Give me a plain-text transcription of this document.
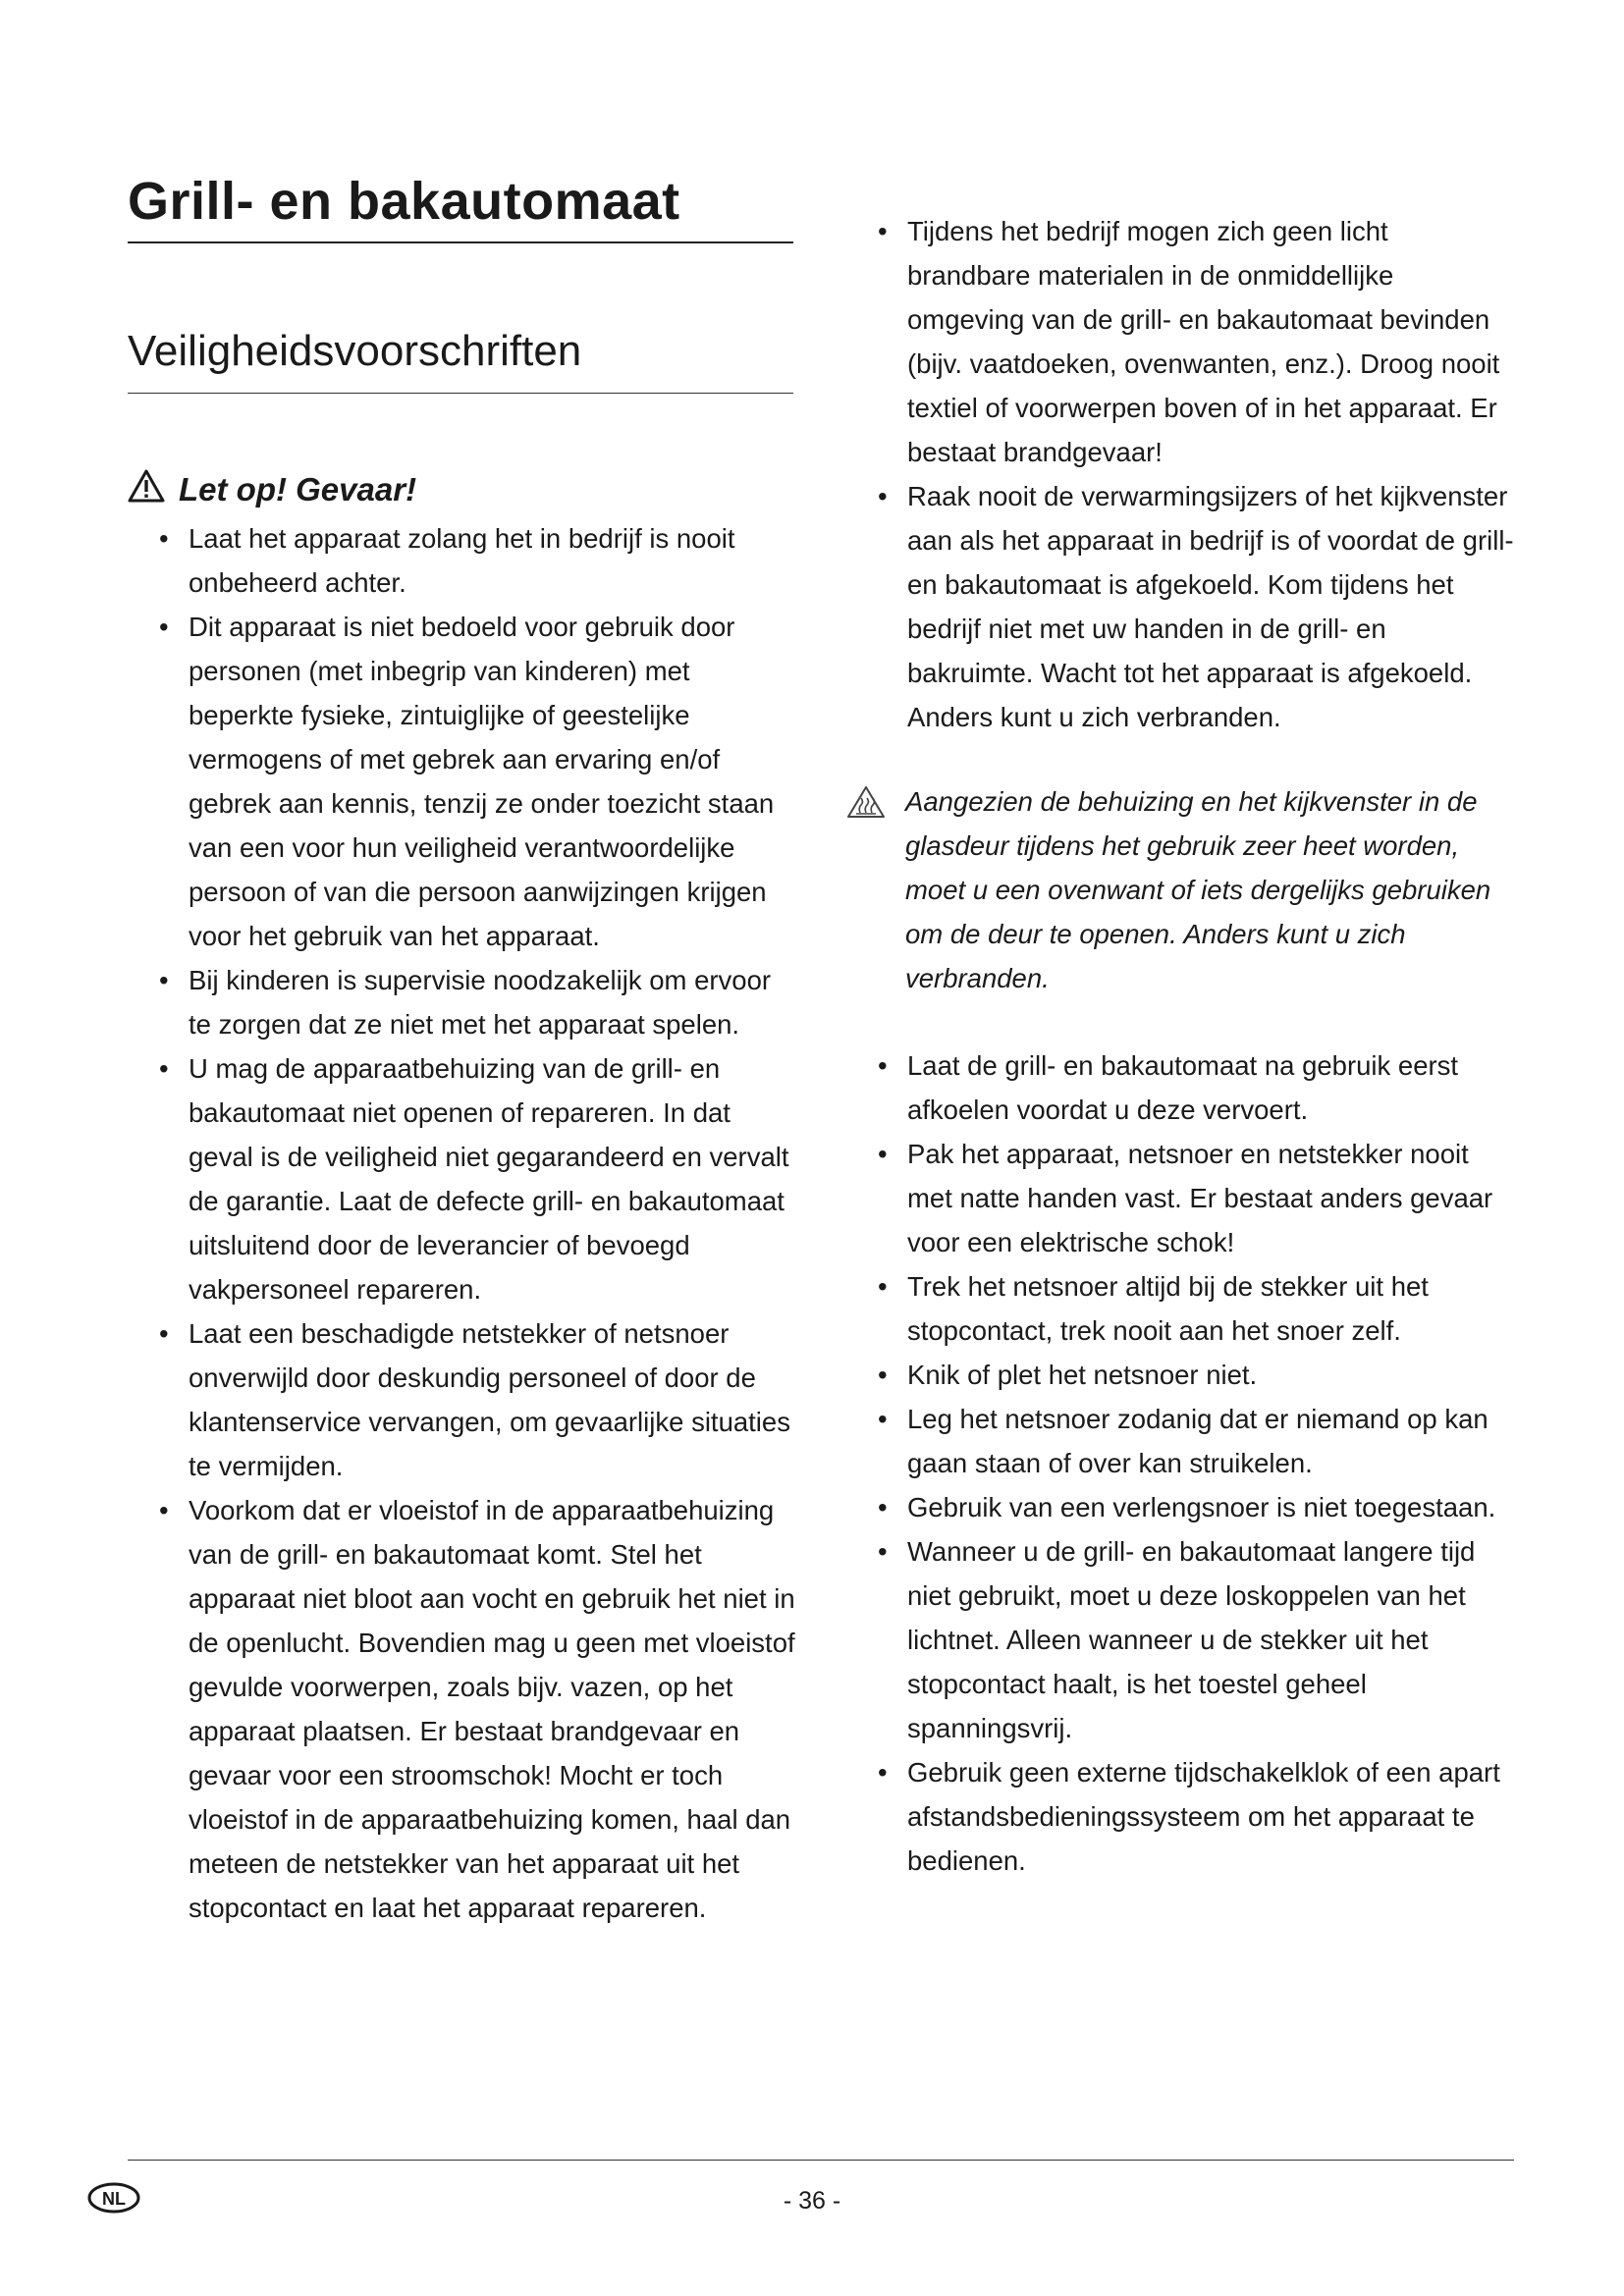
Grill- en bakautomaat
Veiligheidsvoorschriften
Let op! Gevaar!
• Laat het apparaat zolang het in bedrijf is nooit onbeheerd achter.
• Dit apparaat is niet bedoeld voor gebruik door personen (met inbegrip van kinderen) met beperkte fysieke, zintuiglijke of geestelijke vermogens of met gebrek aan ervaring en/of gebrek aan kennis, tenzij ze onder toezicht staan van een voor hun veiligheid verantwoordelijke persoon of van die persoon aanwijzingen krijgen voor het gebruik van het apparaat.
• Bij kinderen is supervisie noodzakelijk om ervoor te zorgen dat ze niet met het apparaat spelen.
• U mag de apparaatbehuizing van de grill- en bakautomaat niet openen of repareren. In dat geval is de veiligheid niet gegarandeerd en vervalt de garantie. Laat de defecte grill- en bakautomaat uitsluitend door de leverancier of bevoegd vakpersoneel repareren.
• Laat een beschadigde netstekker of netsnoer onverwijld door deskundig personeel of door de klantenservice vervangen, om gevaarlijke situaties te vermijden.
• Voorkom dat er vloeistof in de apparaatbehuizing van de grill- en bakautomaat komt. Stel het apparaat niet bloot aan vocht en gebruik het niet in de openlucht. Bovendien mag u geen met vloeistof gevulde voorwerpen, zoals bijv. vazen, op het apparaat plaatsen. Er bestaat brandgevaar en gevaar voor een stroomschok! Mocht er toch vloeistof in de apparaatbehuizing komen, haal dan meteen de netstekker van het apparaat uit het stopcontact en laat het apparaat repareren.
• Tijdens het bedrijf mogen zich geen licht brandbare materialen in de onmiddellijke omgeving van de grill- en bakautomaat bevinden (bijv. vaatdoeken, ovenwanten, enz.). Droog nooit textiel of voorwerpen boven of in het apparaat. Er bestaat brandgevaar!
• Raak nooit de verwarmingsijzers of het kijkvenster aan als het apparaat in bedrijf is of voordat de grill- en bakautomaat is afgekoeld. Kom tijdens het bedrijf niet met uw handen in de grill- en bakruimte. Wacht tot het apparaat is afgekoeld. Anders kunt u zich verbranden.

Aangezien de behuizing en het kijkvenster in de glasdeur tijdens het gebruik zeer heet worden, moet u een ovenwant of iets dergelijks gebruiken om de deur te openen. Anders kunt u zich verbranden.

• Laat de grill- en bakautomaat na gebruik eerst afkoelen voordat u deze vervoert.
• Pak het apparaat, netsnoer en netstekker nooit met natte handen vast. Er bestaat anders gevaar voor een elektrische schok!
• Trek het netsnoer altijd bij de stekker uit het stopcontact, trek nooit aan het snoer zelf.
• Knik of plet het netsnoer niet.
• Leg het netsnoer zodanig dat er niemand op kan gaan staan of over kan struikelen.
• Gebruik van een verlengsnoer is niet toegestaan.
• Wanneer u de grill- en bakautomaat langere tijd niet gebruikt, moet u deze loskoppelen van het lichtnet. Alleen wanneer u de stekker uit het stopcontact haalt, is het toestel geheel spanningsvrij.
• Gebruik geen externe tijdschakelklok of een apart afstandsbedieningssysteem om het apparaat te bedienen.
NL	- 36 -
